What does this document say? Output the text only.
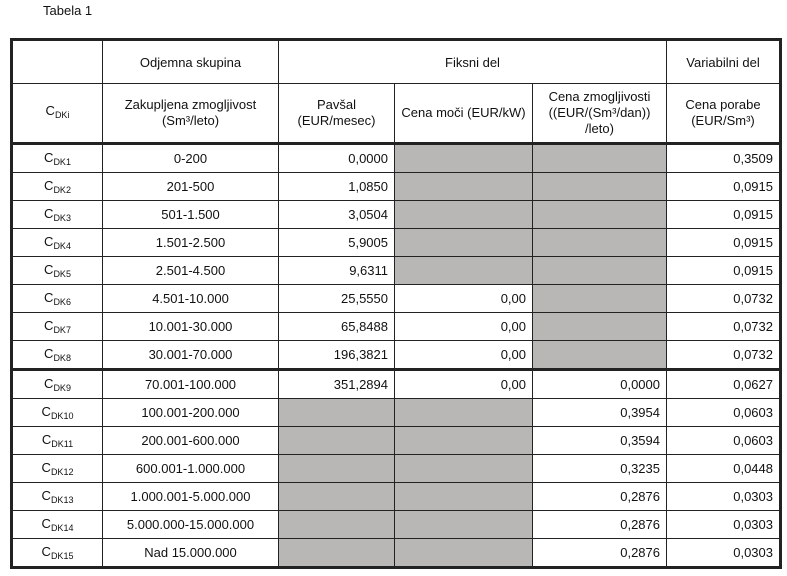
Tabela 1
	Odjemna skupina	Fiksni del			Variabilni del
$C_{DKi}$	Zakupljena zmogljivost (Sm³/leto)	Pavšal (EUR/mesec)	Cena moči (EUR/kW)	Cena zmogljivosti ((EUR/(Sm³/dan)) /leto)	Cena porabe (EUR/Sm³)
$C_{DK1}$	0-200	0,0000			0,3509
$C_{DK2}$	201-500	1,0850			0,0915
$C_{DK3}$	501-1.500	3,0504			0,0915
$C_{DK4}$	1.501-2.500	5,9005			0,0915
$C_{DK5}$	2.501-4.500	9,6311			0,0915
$C_{DK6}$	4.501-10.000	25,5550	0,00		0,0732
$C_{DK7}$	10.001-30.000	65,8488	0,00		0,0732
$C_{DK8}$	30.001-70.000	196,3821	0,00		0,0732
$C_{DK9}$	70.001-100.000	351,2894	0,00	0,0000	0,0627
$C_{DK10}$	100.001-200.000			0,3954	0,0603
$C_{DK11}$	200.001-600.000			0,3594	0,0603
$C_{DK12}$	600.001-1.000.000			0,3235	0,0448
$C_{DK13}$	1.000.001-5.000.000			0,2876	0,0303
$C_{DK14}$	5.000.000-15.000.000			0,2876	0,0303
$C_{DK15}$	Nad 15.000.000			0,2876	0,0303
